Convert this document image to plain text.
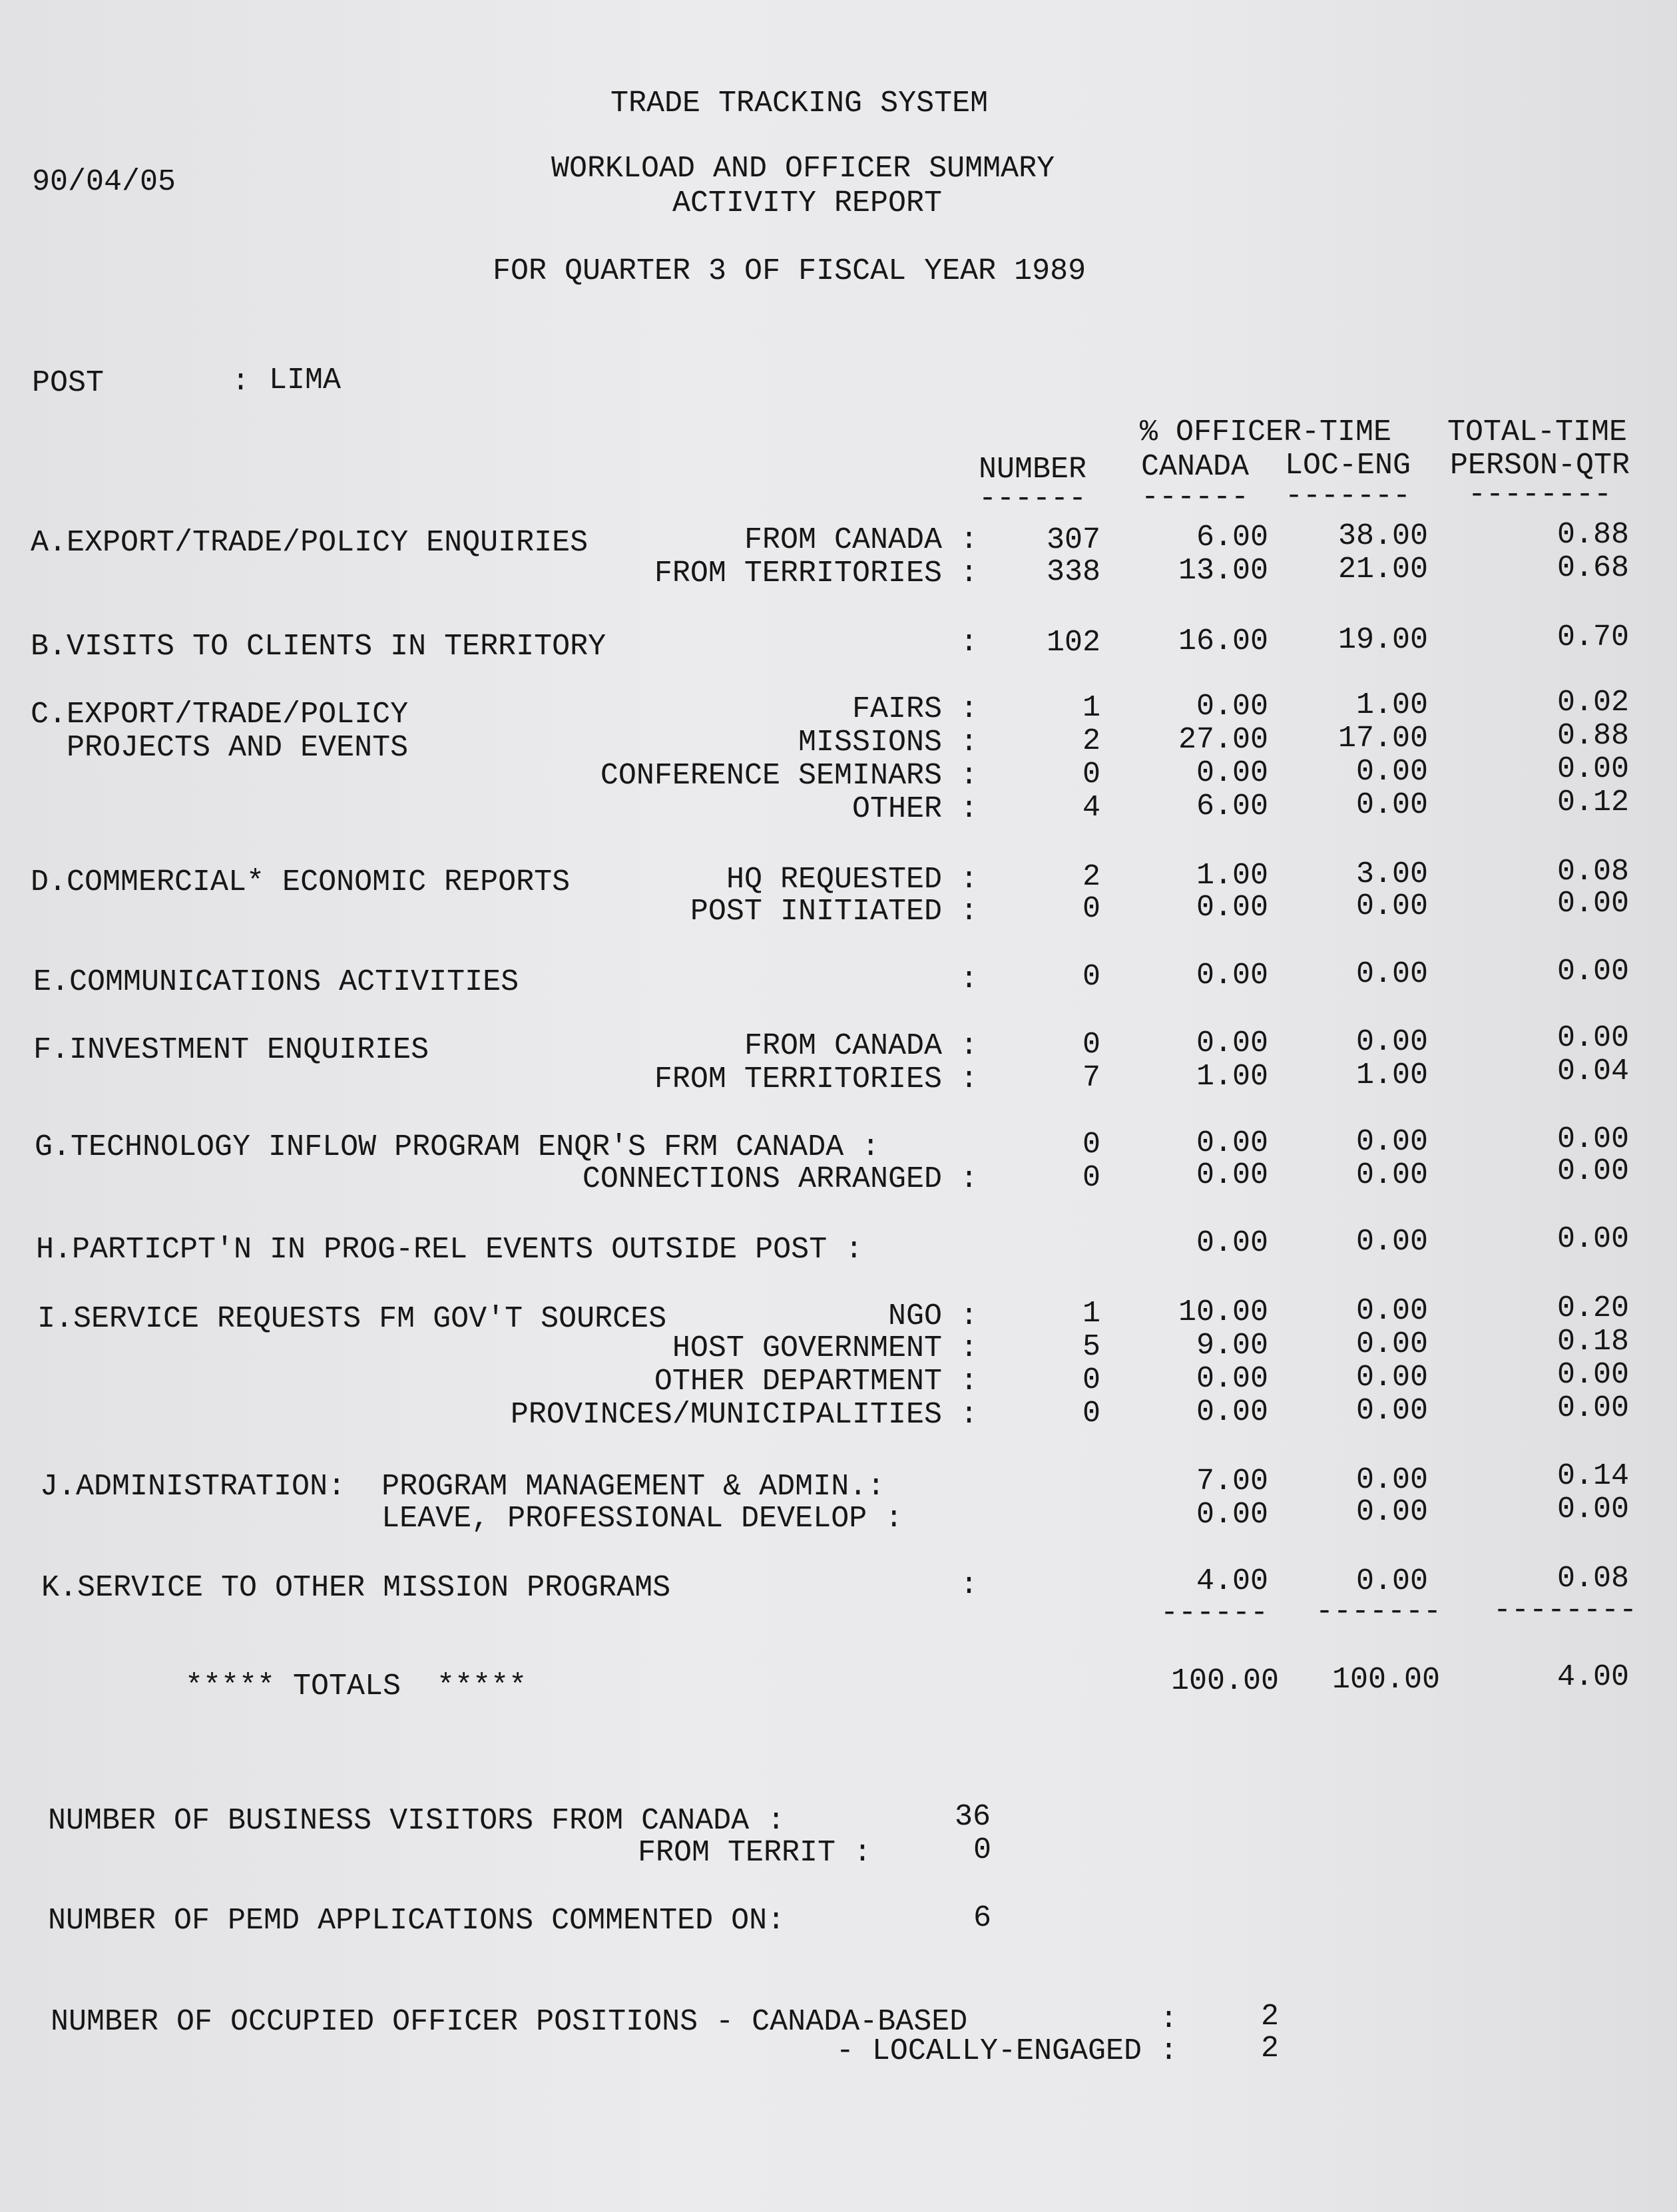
TRADE TRACKING SYSTEM
90/04/05	WORKLOAD AND OFFICER SUMMARY
ACTIVITY REPORT
FOR QUARTER 3 OF FISCAL YEAR 1989
POST	: LIMA
% OFFICER-TIME TOTAL-TIME
NUMBER CANADA LOC-ENG PERSON-QTR
------ ------ ------- --------
A.EXPORT/TRADE/POLICY ENQUIRIES	FROM CANADA : 307	6.00 38.00	0.88
FROM TERRITORIES : 338	13.00 21.00	0.68
B.VISITS TO CLIENTS IN TERRITORY	: 102	16.00 19.00	0.70
C.EXPORT/TRADE/POLICY	FAIRS :	1	0.00	1.00	0.02
PROJECTS AND EVENTS	MISSIONS :	2	27.00 17.00	0.88
CONFERENCE SEMINARS :	0	0.00	0.00	0.00
OTHER :	4	6.00	0.00	0.12
D.COMMERCIAL* ECONOMIC REPORTS	HQ REQUESTED :	2	1.00	3.00	0.08
POST INITIATED :	0	0.00	0.00	0.00
E.COMMUNICATIONS ACTIVITIES	:	0	0.00	0.00	0.00
F.INVESTMENT ENQUIRIES	FROM CANADA :	0	0.00	0.00	0.00
FROM TERRITORIES :	7	1.00	1.00	0.04
G.TECHNOLOGY INFLOW PROGRAM ENQR'S FRM CANADA :	0	0.00	0.00	0.00
CONNECTIONS ARRANGED :	0	0.00	0.00	0.00
H.PARTICPT'N IN PROG-REL EVENTS OUTSIDE POST :	0.00	0.00	0.00
I.SERVICE REQUESTS FM GOV'T SOURCES	NGO :	1	10.00	0.00	0.20
HOST GOVERNMENT :	5	9.00	0.00	0.18
OTHER DEPARTMENT :	0	0.00	0.00	0.00
PROVINCES/MUNICIPALITIES :	0	0.00	0.00	0.00
J.ADMINISTRATION:  PROGRAM MANAGEMENT & ADMIN.:	7.00	0.00	0.14
LEAVE, PROFESSIONAL DEVELOP :	0.00	0.00	0.00
K.SERVICE TO OTHER MISSION PROGRAMS	:	4.00	0.00	0.08
------ ------- --------
***** TOTALS  *****	100.00 100.00	4.00
NUMBER OF BUSINESS VISITORS FROM CANADA :	36
FROM TERRIT :	0
NUMBER OF PEMD APPLICATIONS COMMENTED ON:	6
NUMBER OF OCCUPIED OFFICER POSITIONS - CANADA-BASED	:	2
- LOCALLY-ENGAGED :	2
